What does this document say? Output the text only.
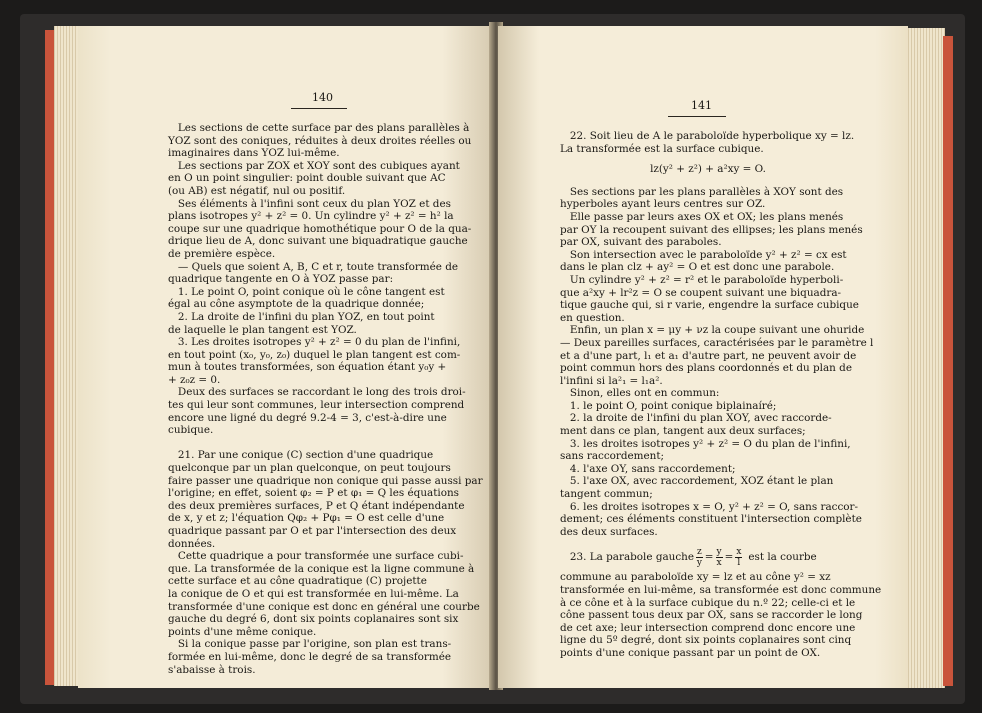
140
Les sections de cette surface par des plans parallèles à
YOZ sont des coniques, réduites à deux droites réelles ou
imaginaires dans YOZ lui-même.
Les sections par ZOX et XOY sont des cubiques ayant
en O un point singulier: point double suivant que AC
(ou AB) est négatif, nul ou positif.
Ses éléments à l'infini sont ceux du plan YOZ et des
plans isotropes y² + z² = 0. Un cylindre y² + z² = h² la
coupe sur une quadrique homothétique pour O de la qua-
drique lieu de A, donc suivant une biquadratique gauche
de première espèce.
— Quels que soient A, B, C et r, toute transformée de
quadrique tangente en O à YOZ passe par:
1. Le point O, point conique où le cône tangent est
égal au cône asymptote de la quadrique donnée;
2. La droite de l'infini du plan YOZ, en tout point
de laquelle le plan tangent est YOZ.
3. Les droites isotropes y² + z² = 0 du plan de l'infini,
en tout point (x₀, y₀, z₀) duquel le plan tangent est com-
mun à toutes transformées, son équation étant y₀y +
+ z₀z = 0.
Deux des surfaces se raccordant le long des trois droi-
tes qui leur sont communes, leur intersection comprend
encore une ligné du degré 9.2-4 = 3, c'est-à-dire une
cubique.
21. Par une conique (C) section d'une quadrique
quelconque par un plan quelconque, on peut toujours
faire passer une quadrique non conique qui passe aussi par
l'origine; en effet, soient φ₂ = P et φ₁ = Q les équations
des deux premières surfaces, P et Q étant indépendante
de x, y et z; l'équation Qφ₂ + Pφ₁ = O est celle d'une
quadrique passant par O et par l'intersection des deux
données.
Cette quadrique a pour transformée une surface cubi-
que. La transformée de la conique est la ligne commune à
cette surface et au cône quadratique (C) projette
la conique de O et qui est transformée en lui-même. La
transformée d'une conique est donc en général une courbe
gauche du degré 6, dont six points coplanaires sont six
points d'une même conique.
Si la conique passe par l'origine, son plan est trans-
formée en lui-même, donc le degré de sa transformée
s'abaisse à trois.
141
22. Soit lieu de A le paraboloïde hyperbolique xy = lz.
La transformée est la surface cubique.
lz(y² + z²) + a²xy = O.
Ses sections par les plans parallèles à XOY sont des
hyperboles ayant leurs centres sur OZ.
Elle passe par leurs axes OX et OX; les plans menés
par OY la recoupent suivant des ellipses; les plans menés
par OX, suivant des paraboles.
Son intersection avec le paraboloïde y² + z² = cx est
dans le plan clz + ay² = O et est donc une parabole.
Un cylindre y² + z² = r² et le paraboloïde hyperboli-
que a²xy + lr²z = O se coupent suivant une biquadra-
tique gauche qui, si r varie, engendre la surface cubique
en question.
Enfin, un plan x = μy + νz la coupe suivant une ohuride
— Deux pareilles surfaces, caractérisées par le paramètre l
et a d'une part, l₁ et a₁ d'autre part, ne peuvent avoir de
point commun hors des plans coordonnés et du plan de
l'infini si la²₁ = l₁a².
Sinon, elles ont en commun:
1. le point O, point conique biplainaíré;
2. la droite de l'infini du plan XOY, avec raccorde-
ment dans ce plan, tangent aux deux surfaces;
3. les droites isotropes y² + z² = O du plan de l'infini,
sans raccordement;
4. l'axe OY, sans raccordement;
5. l'axe OX, avec raccordement, XOZ étant le plan
tangent commun;
6. les droites isotropes x = O, y² + z² = O, sans raccor-
dement; ces éléments constituent l'intersection complète
des deux surfaces.
23. La parabole gauche $\frac{z}{y} = \frac{y}{x} = \frac{x}{l}$ est la courbe
commune au paraboloïde xy = lz et au cône y² = xz
transformée en lui-même, sa transformée est donc commune
à ce cône et à la surface cubique du n.º 22; celle-ci et le
cône passent tous deux par OX, sans se raccorder le long
de cet axe; leur intersection comprend donc encore une
ligne du 5º degré, dont six points coplanaires sont cinq
points d'une conique passant par un point de OX.
